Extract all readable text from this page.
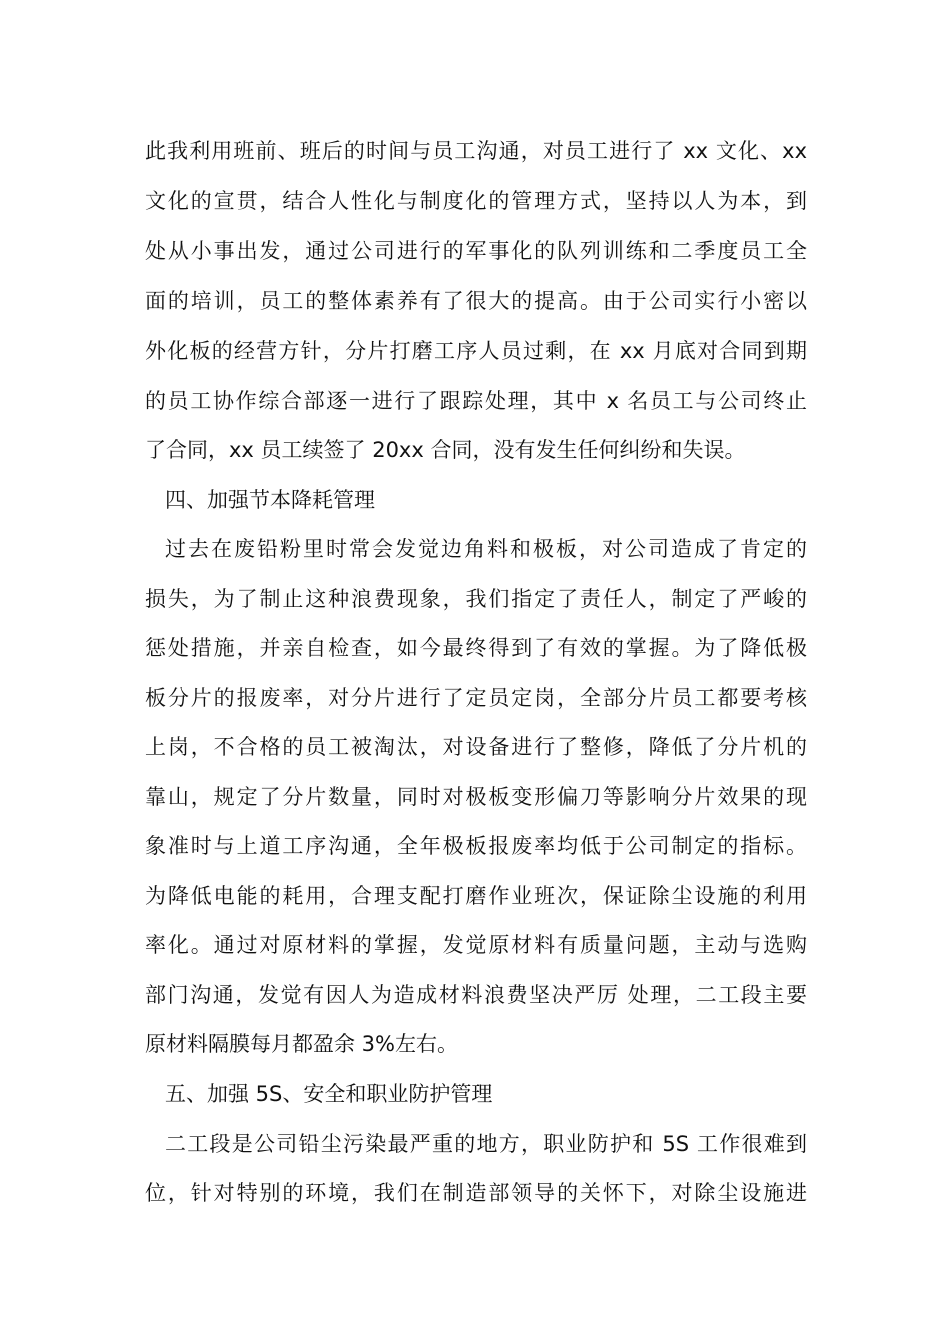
此我利用班前、班后的时间与员工沟通，对员工进行了 xx 文化、xx
文化的宣贯，结合人性化与制度化的管理方式，坚持以人为本，到
处从小事出发，通过公司进行的军事化的队列训练和二季度员工全
面的培训，员工的整体素养有了很大的提高。由于公司实行小密以
外化板的经营方针，分片打磨工序人员过剩，在 xx 月底对合同到期
的员工协作综合部逐一进行了跟踪处理，其中 x 名员工与公司终止
了合同，xx 员工续签了 20xx 合同，没有发生任何纠纷和失误。
四、加强节本降耗管理
过去在废铅粉里时常会发觉边角料和极板，对公司造成了肯定的
损失，为了制止这种浪费现象，我们指定了责任人，制定了严峻的
惩处措施，并亲自检查，如今最终得到了有效的掌握。为了降低极
板分片的报废率，对分片进行了定员定岗，全部分片员工都要考核
上岗，不合格的员工被淘汰，对设备进行了整修，降低了分片机的
靠山，规定了分片数量，同时对极板变形偏刀等影响分片效果的现
象准时与上道工序沟通，全年极板报废率均低于公司制定的指标。
为降低电能的耗用，合理支配打磨作业班次，保证除尘设施的利用
率化。通过对原材料的掌握，发觉原材料有质量问题，主动与选购
部门沟通，发觉有因人为造成材料浪费坚决严厉 处理，二工段主要
原材料隔膜每月都盈余 3%左右。
五、加强 5S、安全和职业防护管理
二工段是公司铅尘污染最严重的地方，职业防护和 5S 工作很难到
位，针对特别的环境，我们在制造部领导的关怀下，对除尘设施进
